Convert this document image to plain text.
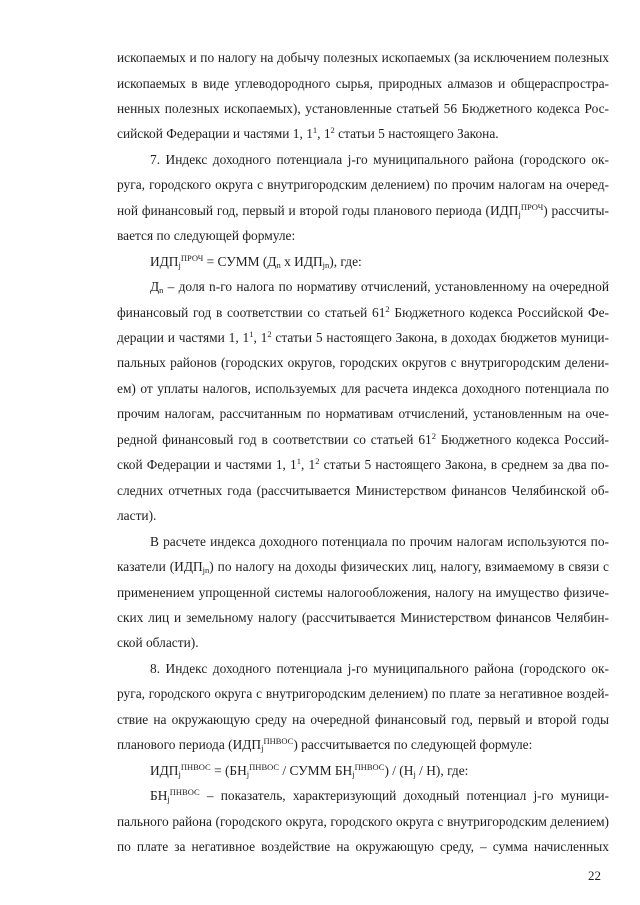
ископаемых и по налогу на добычу полезных ископаемых (за исключением полезных
ископаемых в виде углеводородного сырья, природных алмазов и общераспростра-
ненных полезных ископаемых), установленные статьей 56 Бюджетного кодекса Рос-
сийской Федерации и частями 1, $1^1$, $1^2$ статьи 5 настоящего Закона.
7. Индекс доходного потенциала j-го муниципального района (городского ок-
руга, городского округа с внутригородским делением) по прочим налогам на очеред-
ной финансовый год, первый и второй годы планового периода $(ИДП_j^{ПРОЧ})$ рассчиты-
вается по следующей формуле:
$ИДП_j^{ПРОЧ}$ = СУММ ($Д_n$ x $ИДП_{jn}$), где:
$Д_n$ – доля n-го налога по нормативу отчислений, установленному на очередной
финансовый год в соответствии со статьей $61^2$ Бюджетного кодекса Российской Фе-
дерации и частями 1, $1^1$, $1^2$ статьи 5 настоящего Закона, в доходах бюджетов муници-
пальных районов (городских округов, городских округов с внутригородским делени-
ем) от уплаты налогов, используемых для расчета индекса доходного потенциала по
прочим налогам, рассчитанным по нормативам отчислений, установленным на оче-
редной финансовый год в соответствии со статьей $61^2$ Бюджетного кодекса Россий-
ской Федерации и частями 1, $1^1$, $1^2$ статьи 5 настоящего Закона, в среднем за два по-
следних отчетных года (рассчитывается Министерством финансов Челябинской об-
ласти).
В расчете индекса доходного потенциала по прочим налогам используются по-
казатели $(ИДП_{jn})$ по налогу на доходы физических лиц, налогу, взимаемому в связи с
применением упрощенной системы налогообложения, налогу на имущество физиче-
ских лиц и земельному налогу (рассчитывается Министерством финансов Челябин-
ской области).
8. Индекс доходного потенциала j-го муниципального района (городского ок-
руга, городского округа с внутригородским делением) по плате за негативное воздей-
ствие на окружающую среду на очередной финансовый год, первый и второй годы
планового периода $(ИДП_j^{ПНВОС})$ рассчитывается по следующей формуле:
$ИДП_j^{ПНВОС} = (БН_j^{ПНВОС}$ / СУММ $БН_j^{ПНВОС}) / (Н_j / Н)$, где:
$БН_j^{ПНВОС}$ – показатель, характеризующий доходный потенциал j-го муници-
22
пального района (городского округа, городского округа с внутригородским делением)
по плате за негативное воздействие на окружающую среду, – сумма начисленных
